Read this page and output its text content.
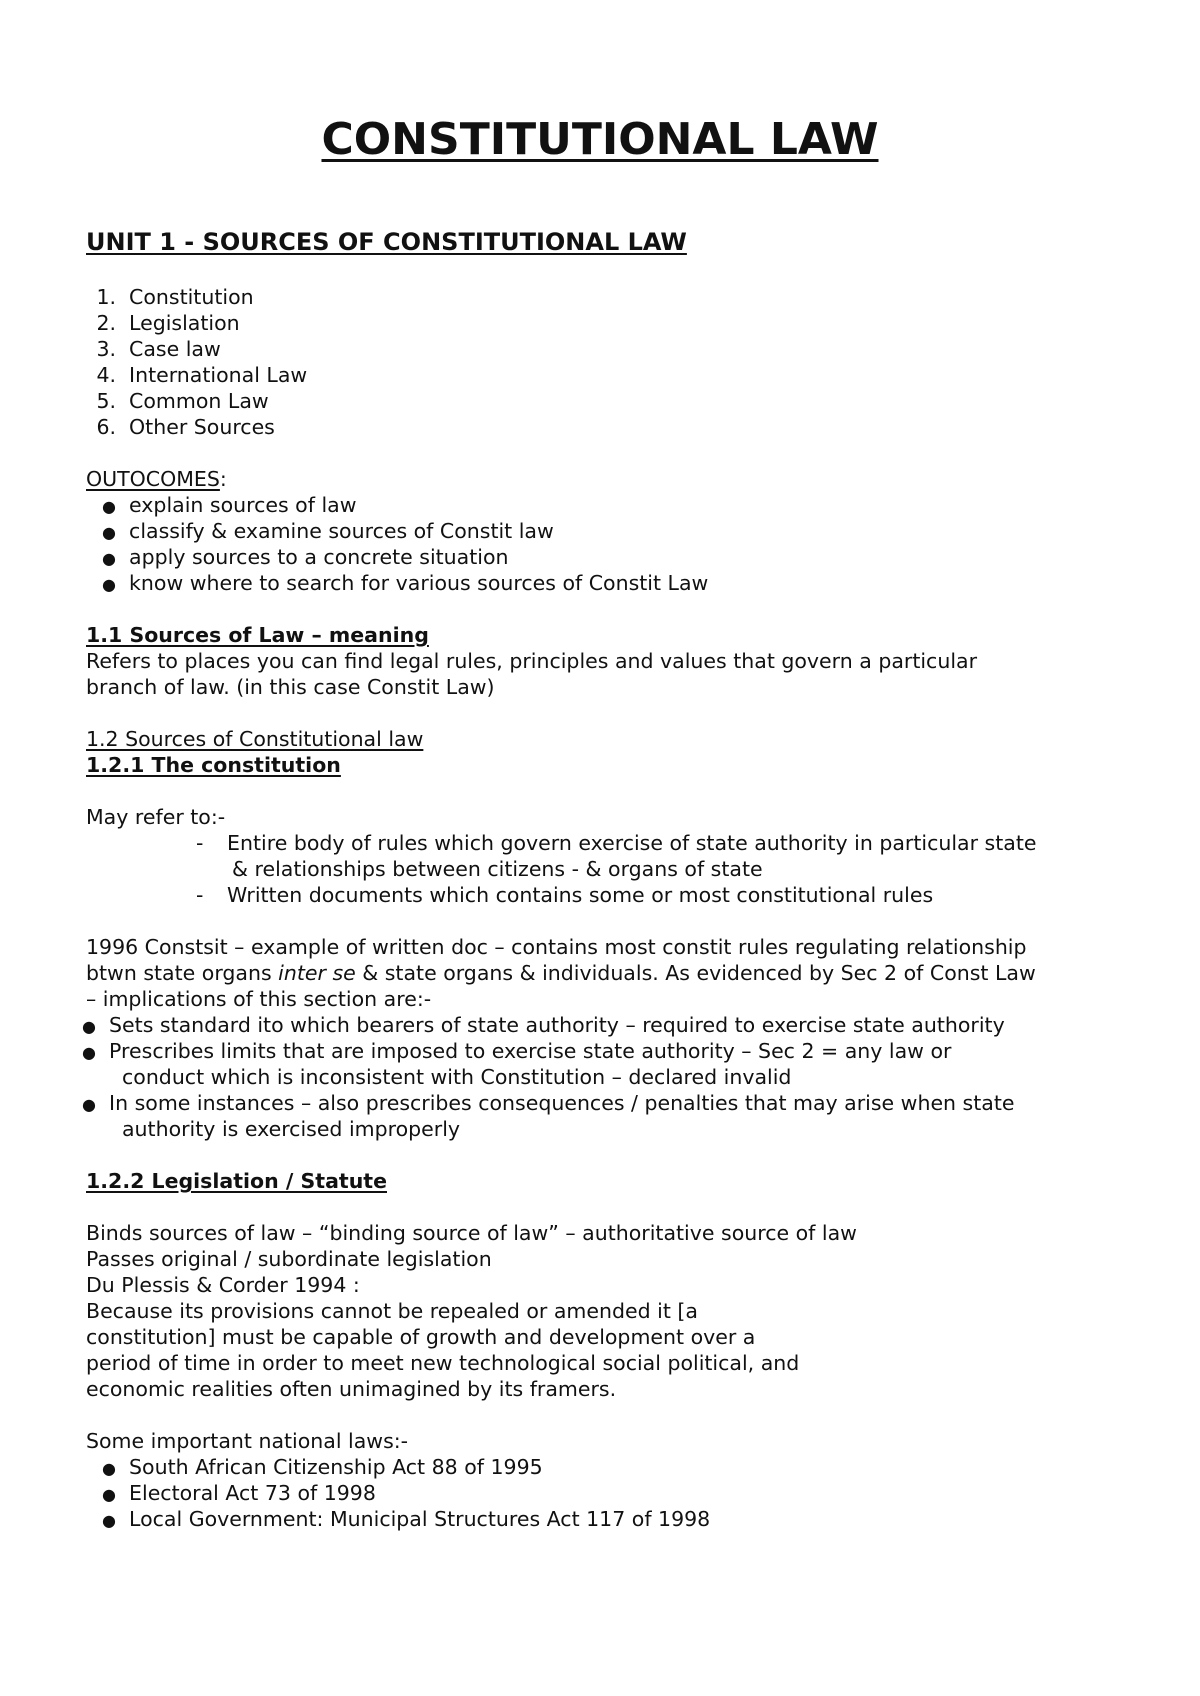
CONSTITUTIONAL LAW

UNIT 1 - SOURCES OF CONSTITUTIONAL LAW

1. Constitution

2. Legislation

3. Case law

4. International Law

5. Common Law

6. Other Sources

OUTOCOMES:

● explain sources of law

● classify & examine sources of Constit law

● apply sources to a concrete situation

● know where to search for various sources of Constit Law

1.1 Sources of Law – meaning

Refers to places you can find legal rules, principles and values that govern a particular

branch of law. (in this case Constit Law)

1.2 Sources of Constitutional law

1.2.1 The constitution

May refer to:-

- Entire body of rules which govern exercise of state authority in particular state

& relationships between citizens - & organs of state

-  Written documents which contains some or most constitutional rules

1996 Constsit – example of written doc – contains most constit rules regulating relationship

btwn state organs inter se & state organs & individuals. As evidenced by Sec 2 of Const Law

– implications of this section are:-

● Sets standard ito which bearers of state authority – required to exercise state authority

● Prescribes limits that are imposed to exercise state authority – Sec 2 = any law or

conduct which is inconsistent with Constitution – declared invalid

● In some instances – also prescribes consequences / penalties that may arise when state

authority is exercised improperly

1.2.2 Legislation / Statute

Binds sources of law – “binding source of law” – authoritative source of law

Passes original / subordinate legislation

Du Plessis & Corder 1994 :

Because its provisions cannot be repealed or amended it [a

constitution] must be capable of growth and development over a

period of time in order to meet new technological social political, and

economic realities often unimagined by its framers.

Some important national laws:-

● South African Citizenship Act 88 of 1995

● Electoral Act 73 of 1998

● Local Government: Municipal Structures Act 117 of 1998
